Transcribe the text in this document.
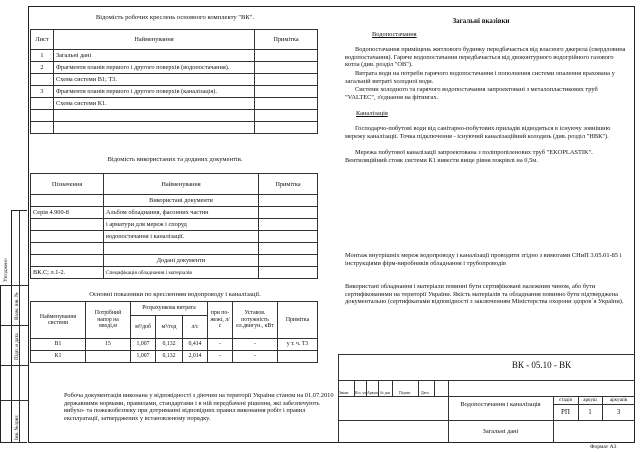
Узгоджено
Взам. інв. №
Підп. и дата
Інв. №ориг.
Відомість робочих креслень основного комплекту "ВК".
Лист	Найменування	Примітка
1	Загальні дані	
2	Фрагменти планів першого і другого поверхів (водопостачання).	
	Схема системи В1; Т3.	
3	Фрагменти планів першого і другого поверхів (каналізація).	
	Схема системи К1.	

Відомість використаних та доданих документів.
Пізначення	Найменування	Примітка
	Використані документи	
Серія 4.900-8	Альбом обладнання, фасонних частин	
	і арматури для мереж і споруд	
	водопостачання і каналізації.	

	Додані документи	
ВК.С; л.1-2.	Специфікація обладнання і матеріалів	
Основні показники по кресленням водопроводу і каналізації.
Найменування системи	Потрібний напор на вводі,м	Розрахункова витрата			при по-жежі, л/с	Уставов. потужність ел.двигун., кВт	Примітка
		м³/доб	м³/год	л/с			
В1	15	1,007	0,132	0,414	-	-	у т. ч. Т3
К1		1,007	0,132	2,014	-	-	
Робоча документація виконана у відповідності з діючим на території України станом на 01.07.2010 державними нормами, правилами, стандартами і в ній передбачені рішення, які забезпечують вибухо- та пожежобезпеку при дотриманні відповідних правил виконання робіт і правил експлуатації, затверджених у встановленому порядку.
Загальні вказівки
Водопостачання
Водопостачання приміщень житлового будинку передбачається від власного джерела (свердловина водопостачання). Гаряче водопостачання передбачається від двоконтурного водогрійного газового котла (див. розділ "ОВ").
Витрата води на потреби гарячого водопостачання і пополнення системи опалення врахована у загальній витраті холодної води.
Системи холодного та гарячого водопостачання запроектовані з металопластикових труб "VALTEC", з'єднання на фітингах.
Каналізація
Господарчо-побутові води від санітарно-побутових приладів відводяться в існуючу зовнішню мережу каналізації. Точка підключення - існуючий каналізаційний колодязь (див. розділ "НВК").
Мережа побутової каналізації запроектована з поліпропіленових труб "EKOPLASTIK". Вентиляційний стояк системи К1 вивести вище рівня покрівлі на 0,5м.
Монтаж внутрішніх мереж водопроводу і каналізації проводити згідно з вимогами СНиП 3.05.01-85 і інструкціями фірм-виробників обладнання і трубопроводів
Використані обладнання і матеріали повинні бути сертифіковані належним чином, або бути сертифікованими на території України. Якість матеріалів та обладнання повинно бути підтверджена документально (сертифікатами відповідності з заключенням Міністерства охорони здоров´я України).
Зміни Кіл. уч Аркуш № док Підпис	Дата
ВК - 05.10 - ВК
Водопостачання і каналізація
Загальні дані
стадія	аркуш	аркушів
РП	1	3
Формат А3
